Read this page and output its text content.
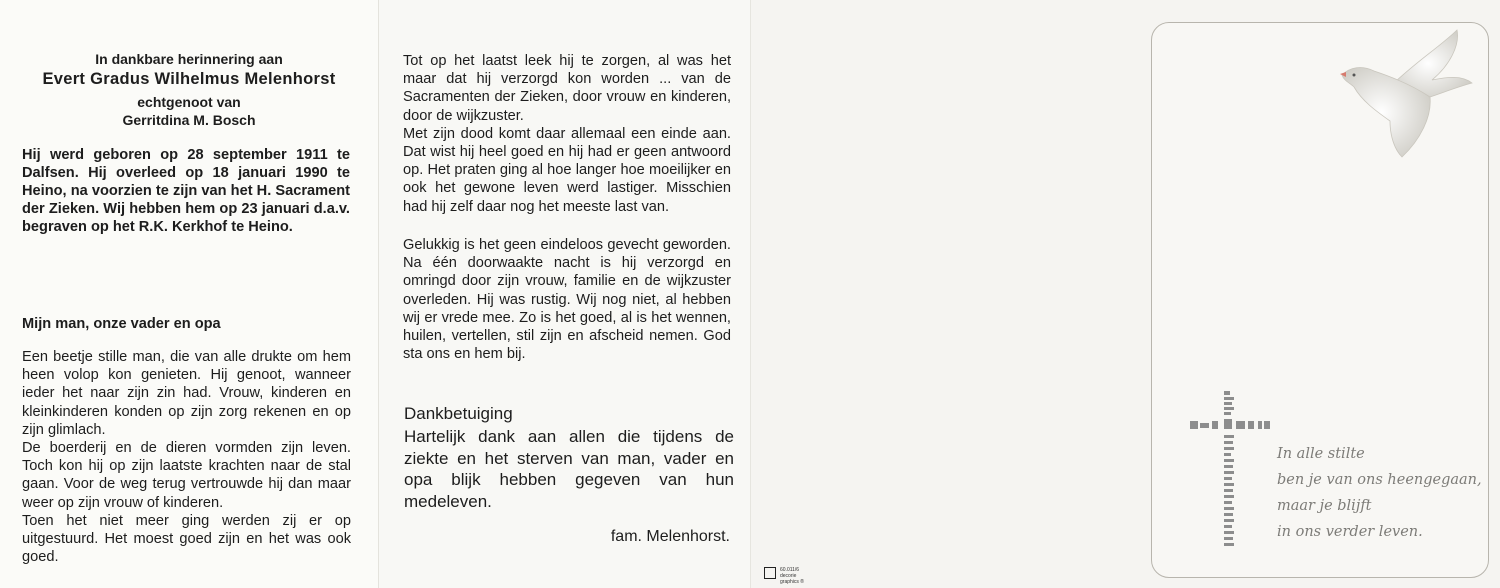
In dankbare herinnering aan
Evert Gradus Wilhelmus Melenhorst
echtgenoot van
Gerritdina M. Bosch

Hij werd geboren op 28 september 1911 te Dalfsen. Hij overleed op 18 januari 1990 te Heino, na voorzien te zijn van het H. Sacrament der Zieken. Wij hebben hem op 23 januari d.a.v. begraven op het R.K. Kerkhof te Heino.

Mijn man, onze vader en opa

Een beetje stille man, die van alle drukte om hem heen volop kon genieten. Hij genoot, wanneer ieder het naar zijn zin had. Vrouw, kinderen en kleinkinderen konden op zijn zorg rekenen en op zijn glimlach.
De boerderij en de dieren vormden zijn leven. Toch kon hij op zijn laatste krachten naar de stal gaan. Voor de weg terug vertrouwde hij dan maar weer op zijn vrouw of kinderen.
Toen het niet meer ging werden zij er op uitgestuurd. Het moest goed zijn en het was ook goed.

Tot op het laatst leek hij te zorgen, al was het maar dat hij verzorgd kon worden ... van de Sacramenten der Zieken, door vrouw en kinderen, door de wijkzuster.
Met zijn dood komt daar allemaal een einde aan. Dat wist hij heel goed en hij had er geen antwoord op. Het praten ging al hoe langer hoe moeilijker en ook het gewone leven werd lastiger. Misschien had hij zelf daar nog het meeste last van.

Gelukkig is het geen eindeloos gevecht geworden. Na één doorwaakte nacht is hij verzorgd en omringd door zijn vrouw, familie en de wijkzuster overleden. Hij was rustig. Wij nog niet, al hebben wij er vrede mee. Zo is het goed, al is het wennen, huilen, vertellen, stil zijn en afscheid nemen. God sta ons en hem bij.

Dankbetuiging

Hartelijk dank aan allen die tijdens de ziekte en het sterven van man, vader en opa blijk hebben gegeven van hun medeleven.

fam. Melenhorst.
60.011/6
decorie
graphics ®
In alle stilte
ben je van ons heengegaan,
maar je blijft
in ons verder leven.
